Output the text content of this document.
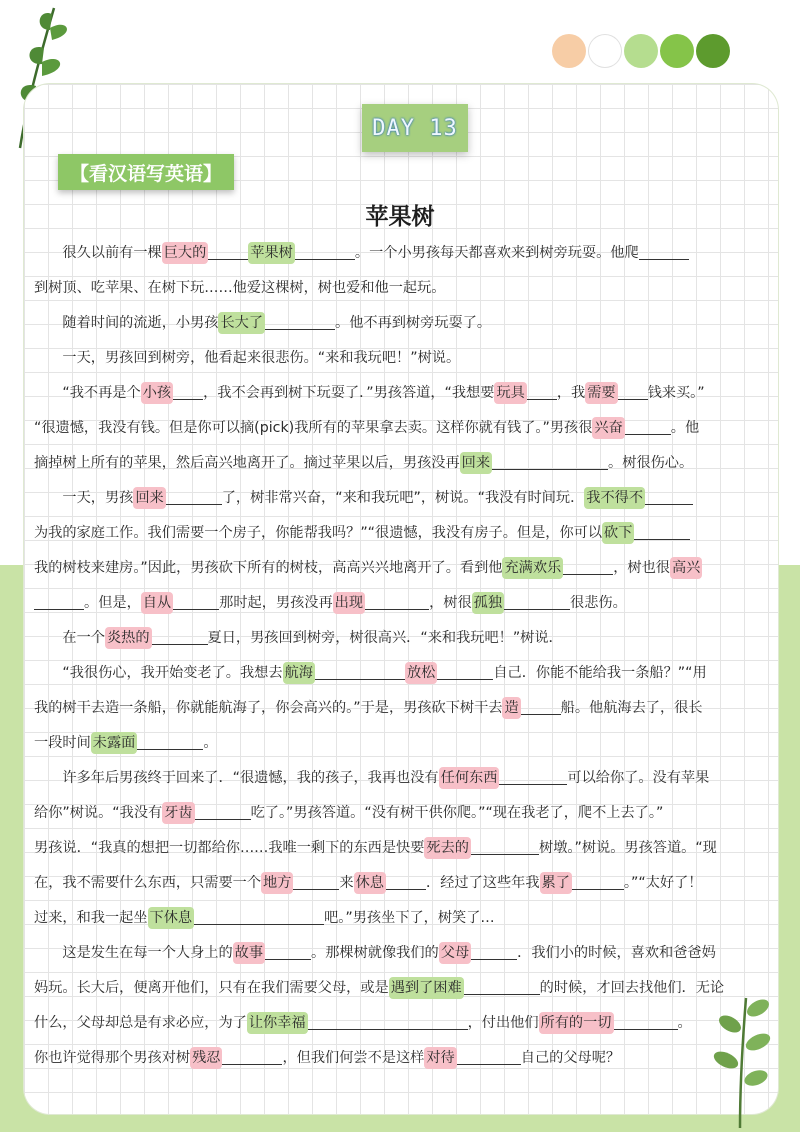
DAY 13
【看汉语写英语】
苹果树

很久以前有一棵 巨大的	苹果树	。一个小男孩每天都喜欢来到树旁玩耍。他爬

到树顶、吃苹果、在树下玩……他爱这棵树，树也爱和他一起玩。

随着时间的流逝，小男孩 长大了	。他不再到树旁玩耍了。

一天，男孩回到树旁，他看起来很悲伤。“来和我玩吧！”树说。

“我不再是个 小孩 ，我不会再到树下玩耍了．”男孩答道，“我想要 玩具 ，我 需要 钱来买。”

“很遗憾，我没有钱。但是你可以摘(pick)我所有的苹果拿去卖。这样你就有钱了。”男孩很 兴奋	。他

摘掉树上所有的苹果，然后高兴地离开了。摘过苹果以后，男孩没再 回来	。树很伤心。

一天，男孩 回来	了，树非常兴奋，“来和我玩吧”，树说。“我没有时间玩． 我不得不

为我的家庭工作。我们需要一个房子，你能帮我吗？”“很遗憾，我没有房子。但是，你可以 砍下

我的树枝来建房。”因此，男孩砍下所有的树枝，高高兴兴地离开了。看到他 充满欢乐	，树也很 高兴

。但是， 自从	那时起，男孩没再 出现	，树很 孤独	很悲伤。

在一个 炎热的	夏日，男孩回到树旁，树很高兴．“来和我玩吧！”树说．

“我很伤心，我开始变老了。我想去 航海	放松	自己．你能不能给我一条船？”“用

我的树干去造一条船，你就能航海了，你会高兴的。”于是，男孩砍下树干去 造	船。他航海去了，很长

一段时间 未露面	。

许多年后男孩终于回来了．“很遗憾，我的孩子，我再也没有 任何东西	可以给你了。没有苹果

给你”树说。“我没有 牙齿	吃了。”男孩答道。“没有树干供你爬。”“现在我老了，爬不上去了。”

男孩说．“我真的想把一切都给你……我唯一剩下的东西是快要 死去的	树墩。”树说。男孩答道。“现

在，我不需要什么东西，只需要一个 地方	来 休息	．经过了这些年我 累了	。”“太好了！

过来，和我一起坐 下休息	吧。”男孩坐下了，树笑了…

这是发生在每一个人身上的 故事	。那棵树就像我们的 父母	．我们小的时候，喜欢和爸爸妈

妈玩。长大后，便离开他们，只有在我们需要父母，或是 遇到了困难	的时候，才回去找他们．无论

什么，父母却总是有求必应，为了 让你幸福	，付出他们 所有的一切	。

你也许觉得那个男孩对树 残忍	，但我们何尝不是这样 对待	自己的父母呢？
